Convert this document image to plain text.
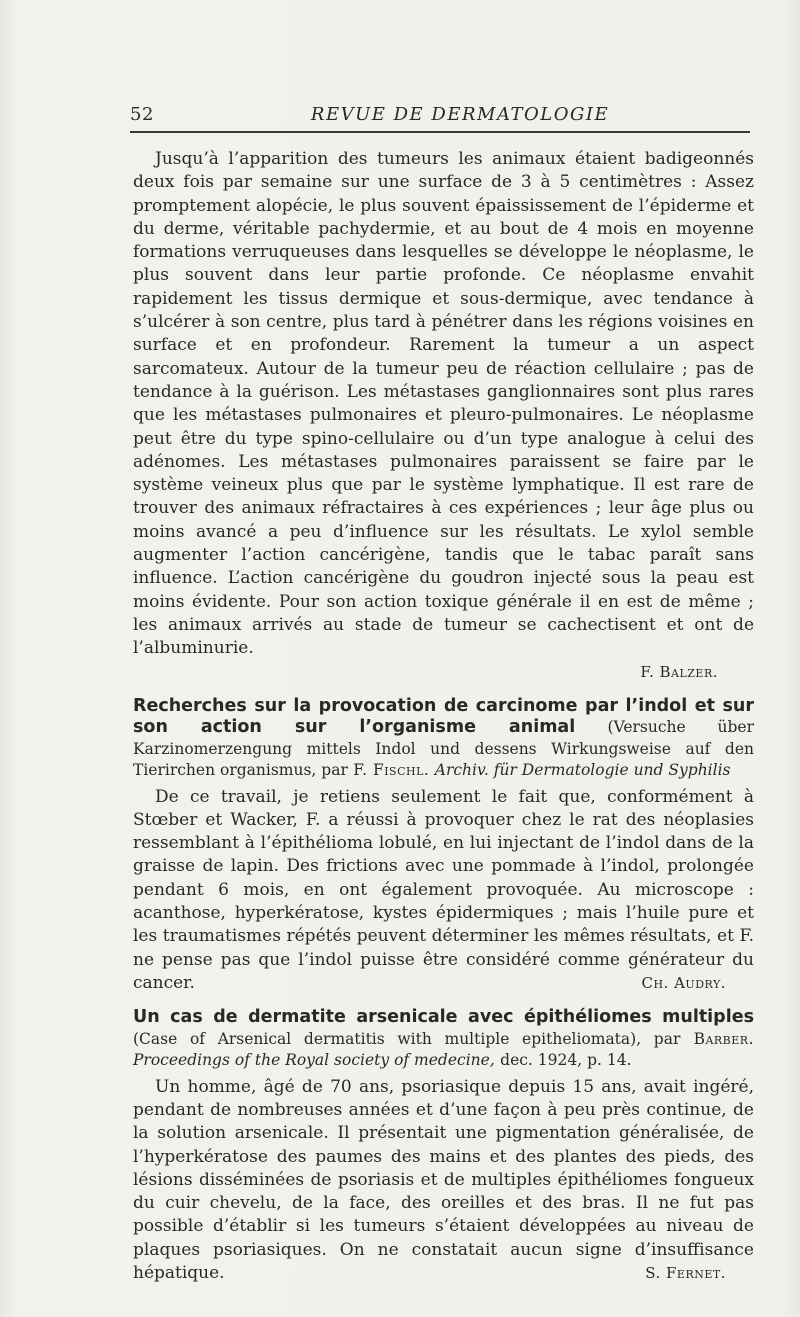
52	REVUE DE DERMATOLOGIE

Jusqu’à l’apparition des tumeurs les animaux étaient badigeonnés deux fois par semaine sur une surface de 3 à 5 centimètres : Assez promptement alopécie, le plus souvent épaississement de l’épiderme et du derme, véritable pachydermie, et au bout de 4 mois en moyenne formations verruqueuses dans lesquelles se développe le néoplasme, le plus souvent dans leur partie profonde. Ce néoplasme envahit rapidement les tissus dermique et sous-dermique, avec tendance à s’ulcérer à son centre, plus tard à pénétrer dans les régions voisines en surface et en profondeur. Rarement la tumeur a un aspect sarcomateux. Autour de la tumeur peu de réaction cellulaire ; pas de tendance à la guérison. Les métastases ganglionnaires sont plus rares que les métastases pulmonaires et pleuro-pulmonaires. Le néoplasme peut être du type spino-cellulaire ou d’un type analogue à celui des adénomes. Les métastases pulmonaires paraissent se faire par le système veineux plus que par le système lymphatique. Il est rare de trouver des animaux réfractaires à ces expériences ; leur âge plus ou moins avancé a peu d’influence sur les résultats. Le xylol semble augmenter l’action cancérigène, tandis que le tabac paraît sans influence. L’action cancérigène du goudron injecté sous la peau est moins évidente. Pour son action toxique générale il en est de même ; les animaux arrivés au stade de tumeur se cachectisent et ont de l’albuminurie.

F. Balzer.

Recherches sur la provocation de carcinome par l’indol et sur son action sur l’organisme animal (Versuche über Karzinomerzengung mittels Indol und dessens Wirkungsweise auf den Tierirchen organismus, par F. Fischl. Archiv. für Dermatologie und Syphilis

De ce travail, je retiens seulement le fait que, conformément à Stœber et Wacker, F. a réussi à provoquer chez le rat des néoplasies ressemblant à l’épithélioma lobulé, en lui injectant de l’indol dans de la graisse de lapin. Des frictions avec une pommade à l’indol, prolongée pendant 6 mois, en ont également provoquée. Au microscope : acanthose, hyperkératose, kystes épidermiques ; mais l’huile pure et les traumatismes répétés peuvent déterminer les mêmes résultats, et F. ne pense pas que l’indol puisse être considéré comme générateur du cancer.	Ch. Audry.

Un cas de dermatite arsenicale avec épithéliomes multiples (Case of Arsenical dermatitis with multiple epitheliomata), par Barber. Proceedings of the Royal society of medecine, dec. 1924, p. 14.

Un homme, âgé de 70 ans, psoriasique depuis 15 ans, avait ingéré, pendant de nombreuses années et d’une façon à peu près continue, de la solution arsenicale. Il présentait une pigmentation généralisée, de l’hyperkératose des paumes des mains et des plantes des pieds, des lésions disséminées de psoriasis et de multiples épithéliomes fongueux du cuir chevelu, de la face, des oreilles et des bras. Il ne fut pas possible d’établir si les tumeurs s’étaient développées au niveau de plaques psoriasiques. On ne constatait aucun signe d’insuffisance hépatique.	S. Fernet.
